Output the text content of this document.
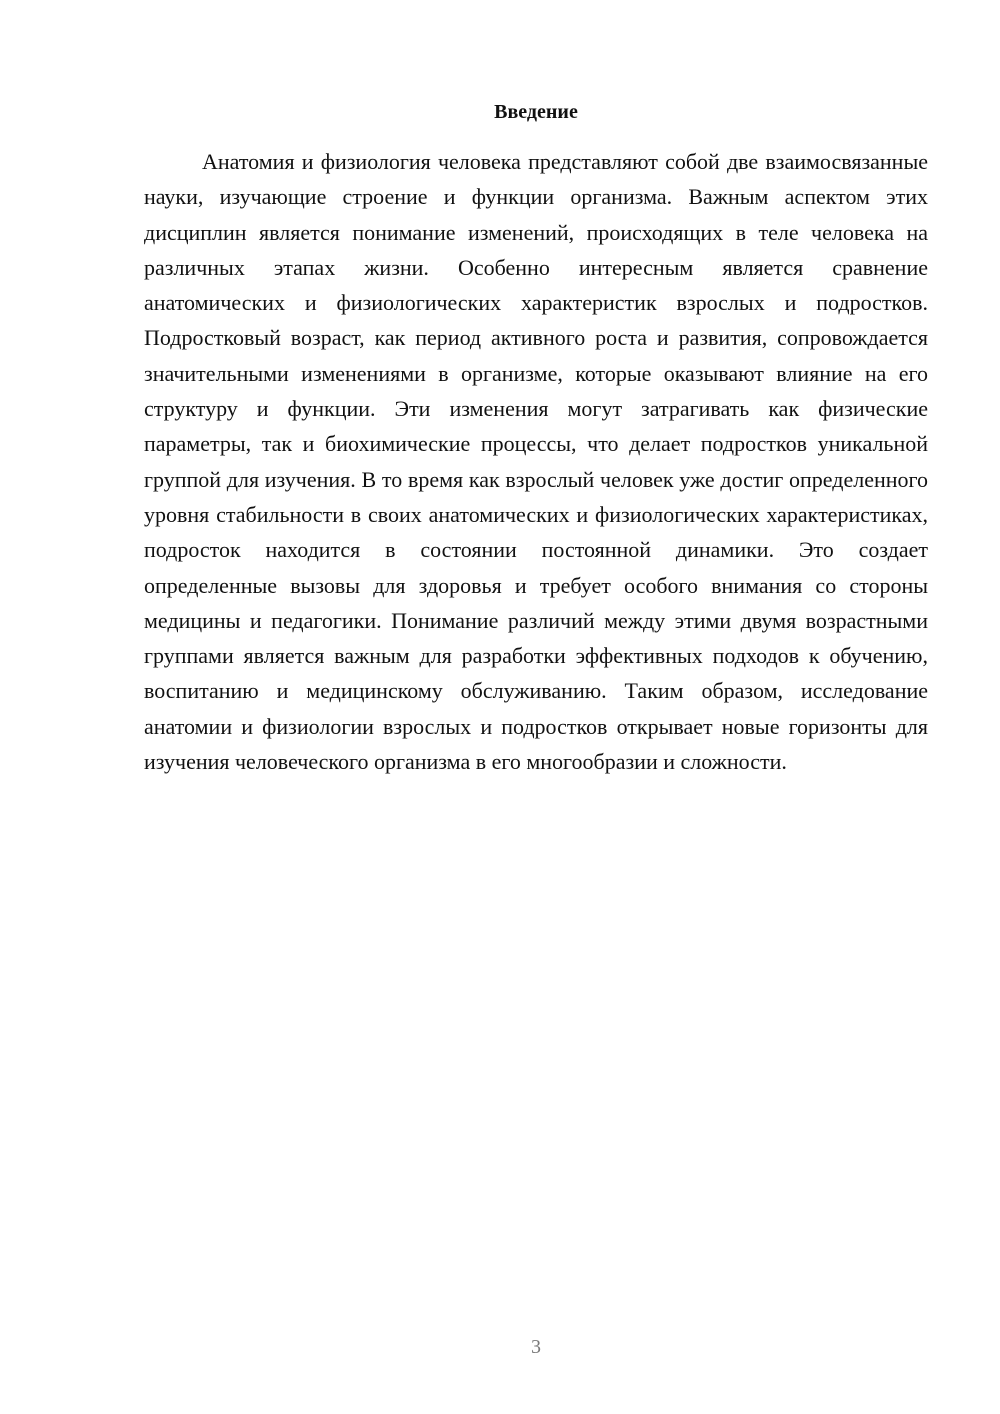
Введение

Анатомия и физиология человека представляют собой две взаимосвязанные науки, изучающие строение и функции организма. Важным аспектом этих дисциплин является понимание изменений, происходящих в теле человека на различных этапах жизни. Особенно интересным является сравнение анатомических и физиологических характеристик взрослых и подростков. Подростковый возраст, как период активного роста и развития, сопровождается значительными изменениями в организме, которые оказывают влияние на его структуру и функции. Эти изменения могут затрагивать как физические параметры, так и биохимические процессы, что делает подростков уникальной группой для изучения. В то время как взрослый человек уже достиг определенного уровня стабильности в своих анатомических и физиологических характеристиках, подросток находится в состоянии постоянной динамики. Это создает определенные вызовы для здоровья и требует особого внимания со стороны медицины и педагогики. Понимание различий между этими двумя возрастными группами является важным для разработки эффективных подходов к обучению, воспитанию и медицинскому обслуживанию. Таким образом, исследование анатомии и физиологии взрослых и подростков открывает новые горизонты для изучения человеческого организма в его многообразии и сложности.

3
